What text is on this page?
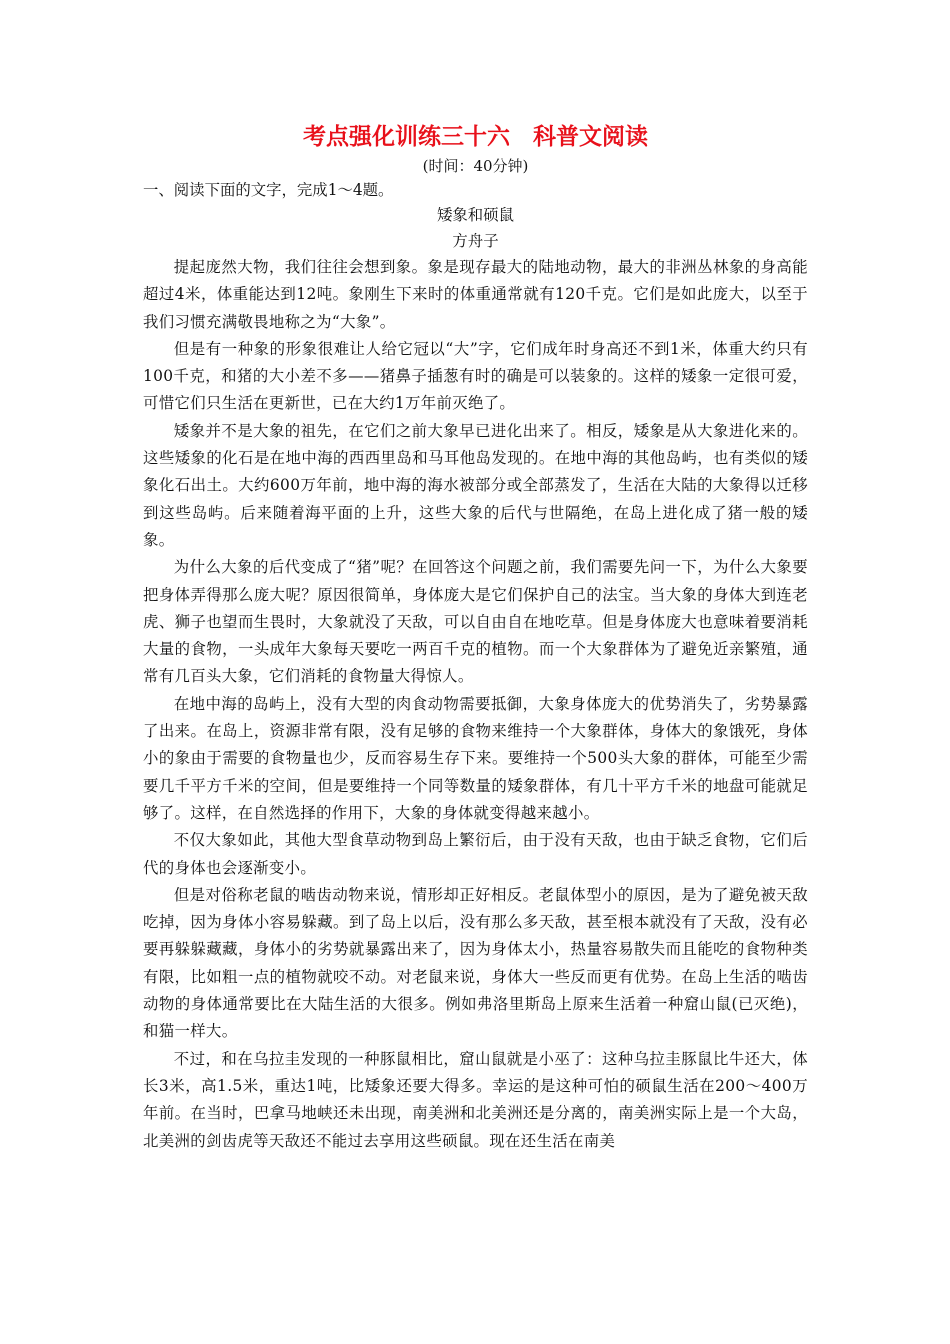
考点强化训练三十六　科普文阅读

(时间：40分钟)

一、阅读下面的文字，完成1～4题。

矮象和硕鼠

方舟子

提起庞然大物，我们往往会想到象。象是现存最大的陆地动物，最大的非洲丛林象的身高能超过4米，体重能达到12吨。象刚生下来时的体重通常就有120千克。它们是如此庞大，以至于我们习惯充满敬畏地称之为“大象”。

但是有一种象的形象很难让人给它冠以“大”字，它们成年时身高还不到1米，体重大约只有100千克，和猪的大小差不多——猪鼻子插葱有时的确是可以装象的。这样的矮象一定很可爱，可惜它们只生活在更新世，已在大约1万年前灭绝了。

矮象并不是大象的祖先，在它们之前大象早已进化出来了。相反，矮象是从大象进化来的。这些矮象的化石是在地中海的西西里岛和马耳他岛发现的。在地中海的其他岛屿，也有类似的矮象化石出土。大约600万年前，地中海的海水被部分或全部蒸发了，生活在大陆的大象得以迁移到这些岛屿。后来随着海平面的上升，这些大象的后代与世隔绝，在岛上进化成了猪一般的矮象。

为什么大象的后代变成了“猪”呢？在回答这个问题之前，我们需要先问一下，为什么大象要把身体弄得那么庞大呢？原因很简单，身体庞大是它们保护自己的法宝。当大象的身体大到连老虎、狮子也望而生畏时，大象就没了天敌，可以自由自在地吃草。但是身体庞大也意味着要消耗大量的食物，一头成年大象每天要吃一两百千克的植物。而一个大象群体为了避免近亲繁殖，通常有几百头大象，它们消耗的食物量大得惊人。

在地中海的岛屿上，没有大型的肉食动物需要抵御，大象身体庞大的优势消失了，劣势暴露了出来。在岛上，资源非常有限，没有足够的食物来维持一个大象群体，身体大的象饿死，身体小的象由于需要的食物量也少，反而容易生存下来。要维持一个500头大象的群体，可能至少需要几千平方千米的空间，但是要维持一个同等数量的矮象群体，有几十平方千米的地盘可能就足够了。这样，在自然选择的作用下，大象的身体就变得越来越小。

不仅大象如此，其他大型食草动物到岛上繁衍后，由于没有天敌，也由于缺乏食物，它们后代的身体也会逐渐变小。

但是对俗称老鼠的啮齿动物来说，情形却正好相反。老鼠体型小的原因，是为了避免被天敌吃掉，因为身体小容易躲藏。到了岛上以后，没有那么多天敌，甚至根本就没有了天敌，没有必要再躲躲藏藏，身体小的劣势就暴露出来了，因为身体太小，热量容易散失而且能吃的食物种类有限，比如粗一点的植物就咬不动。对老鼠来说，身体大一些反而更有优势。在岛上生活的啮齿动物的身体通常要比在大陆生活的大很多。例如弗洛里斯岛上原来生活着一种窟山鼠(已灭绝)，和猫一样大。

不过，和在乌拉圭发现的一种豚鼠相比，窟山鼠就是小巫了：这种乌拉圭豚鼠比牛还大，体长3米，高1.5米，重达1吨，比矮象还要大得多。幸运的是这种可怕的硕鼠生活在200～400万年前。在当时，巴拿马地峡还未出现，南美洲和北美洲还是分离的，南美洲实际上是一个大岛，北美洲的剑齿虎等天敌还不能过去享用这些硕鼠。现在还生活在南美
